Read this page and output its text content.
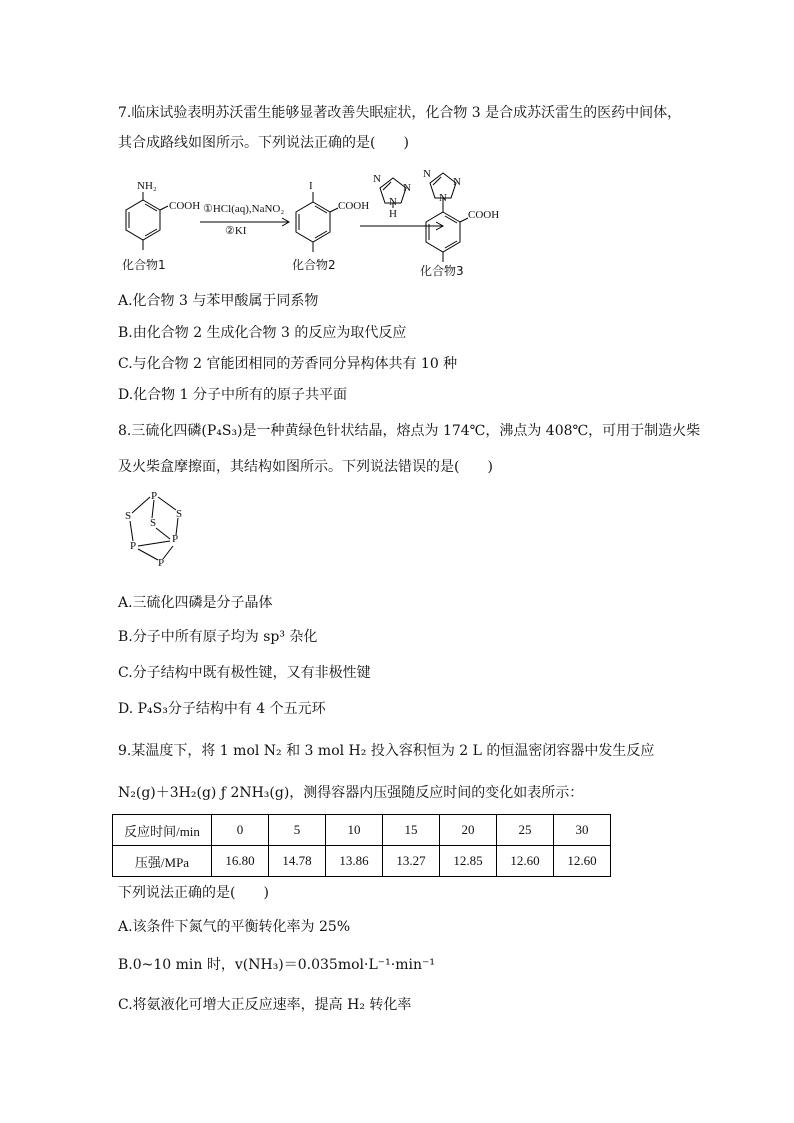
7.临床试验表明苏沃雷生能够显著改善失眠症状，化合物 3 是合成苏沃雷生的医药中间体，
其合成路线如图所示。下列说法正确的是(　　)
NH₂
COOH ①HCl(aq),NaNO₂
②KI
化合物1
I
COOH
化合物2
N
N
N
H
N
N
N
COOH
化合物3
A.化合物 3 与苯甲酸属于同系物
B.由化合物 2 生成化合物 3 的反应为取代反应
C.与化合物 2 官能团相同的芳香同分异构体共有 10 种
D.化合物 1 分子中所有的原子共平面
8.三硫化四磷(P₄S₃)是一种黄绿色针状结晶，熔点为 174℃，沸点为 408℃，可用于制造火柴
及火柴盒摩擦面，其结构如图所示。下列说法错误的是(　　)
P
S	S
S
P
P
P
A.三硫化四磷是分子晶体
B.分子中所有原子均为 sp³ 杂化
C.分子结构中既有极性键，又有非极性键
D. P₄S₃分子结构中有 4 个五元环
9.某温度下，将 1 mol N₂ 和 3 mol H₂ 投入容积恒为 2 L 的恒温密闭容器中发生反应
N₂(g)＋3H₂(g) ƒ 2NH₃(g)，测得容器内压强随反应时间的变化如表所示：
反应时间/min	0	5	10	15	20	25	30
压强/MPa	16.80	14.78	13.86	13.27	12.85	12.60	12.60
下列说法正确的是(　　)
A.该条件下氮气的平衡转化率为 25%
B.0~10 min 时，v(NH₃)＝0.035mol·L⁻¹·min⁻¹
C.将氨液化可增大正反应速率，提高 H₂ 转化率
